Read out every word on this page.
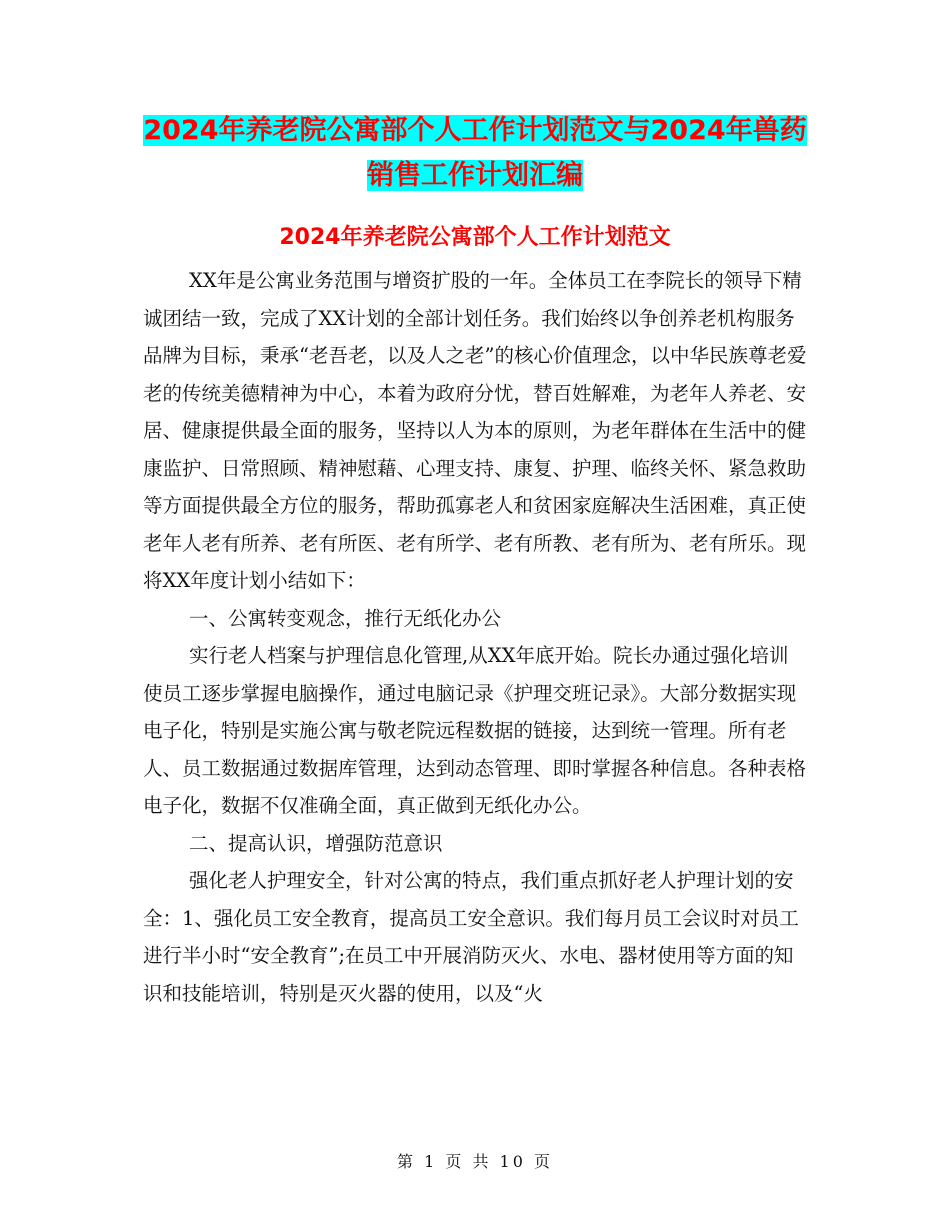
2024年养老院公寓部个人工作计划范文与2024年兽药
销售工作计划汇编
2024年养老院公寓部个人工作计划范文

XX年是公寓业务范围与增资扩股的一年。全体员工在李院长的领导下精诚团结一致，完成了XX计划的全部计划任务。我们始终以争创养老机构服务品牌为目标，秉承“老吾老，以及人之老”的核心价值理念，以中华民族尊老爱老的传统美德精神为中心，本着为政府分忧，替百姓解难，为老年人养老、安居、健康提供最全面的服务，坚持以人为本的原则，为老年群体在生活中的健康监护、日常照顾、精神慰藉、心理支持、康复、护理、临终关怀、紧急救助等方面提供最全方位的服务，帮助孤寡老人和贫困家庭解决生活困难，真正使老年人老有所养、老有所医、老有所学、老有所教、老有所为、老有所乐。现将XX年度计划小结如下：

一、公寓转变观念，推行无纸化办公

实行老人档案与护理信息化管理,从XX年底开始。院长办通过强化培训使员工逐步掌握电脑操作，通过电脑记录《护理交班记录》。大部分数据实现电子化，特别是实施公寓与敬老院远程数据的链接，达到统一管理。所有老人、员工数据通过数据库管理，达到动态管理、即时掌握各种信息。各种表格电子化，数据不仅准确全面，真正做到无纸化办公。

二、提高认识，增强防范意识

强化老人护理安全，针对公寓的特点，我们重点抓好老人护理计划的安全：1、强化员工安全教育，提高员工安全意识。我们每月员工会议时对员工进行半小时“安全教育”;在员工中开展消防灭火、水电、器材使用等方面的知识和技能培训，特别是灭火器的使用，以及“火

第 1 页 共 10 页
